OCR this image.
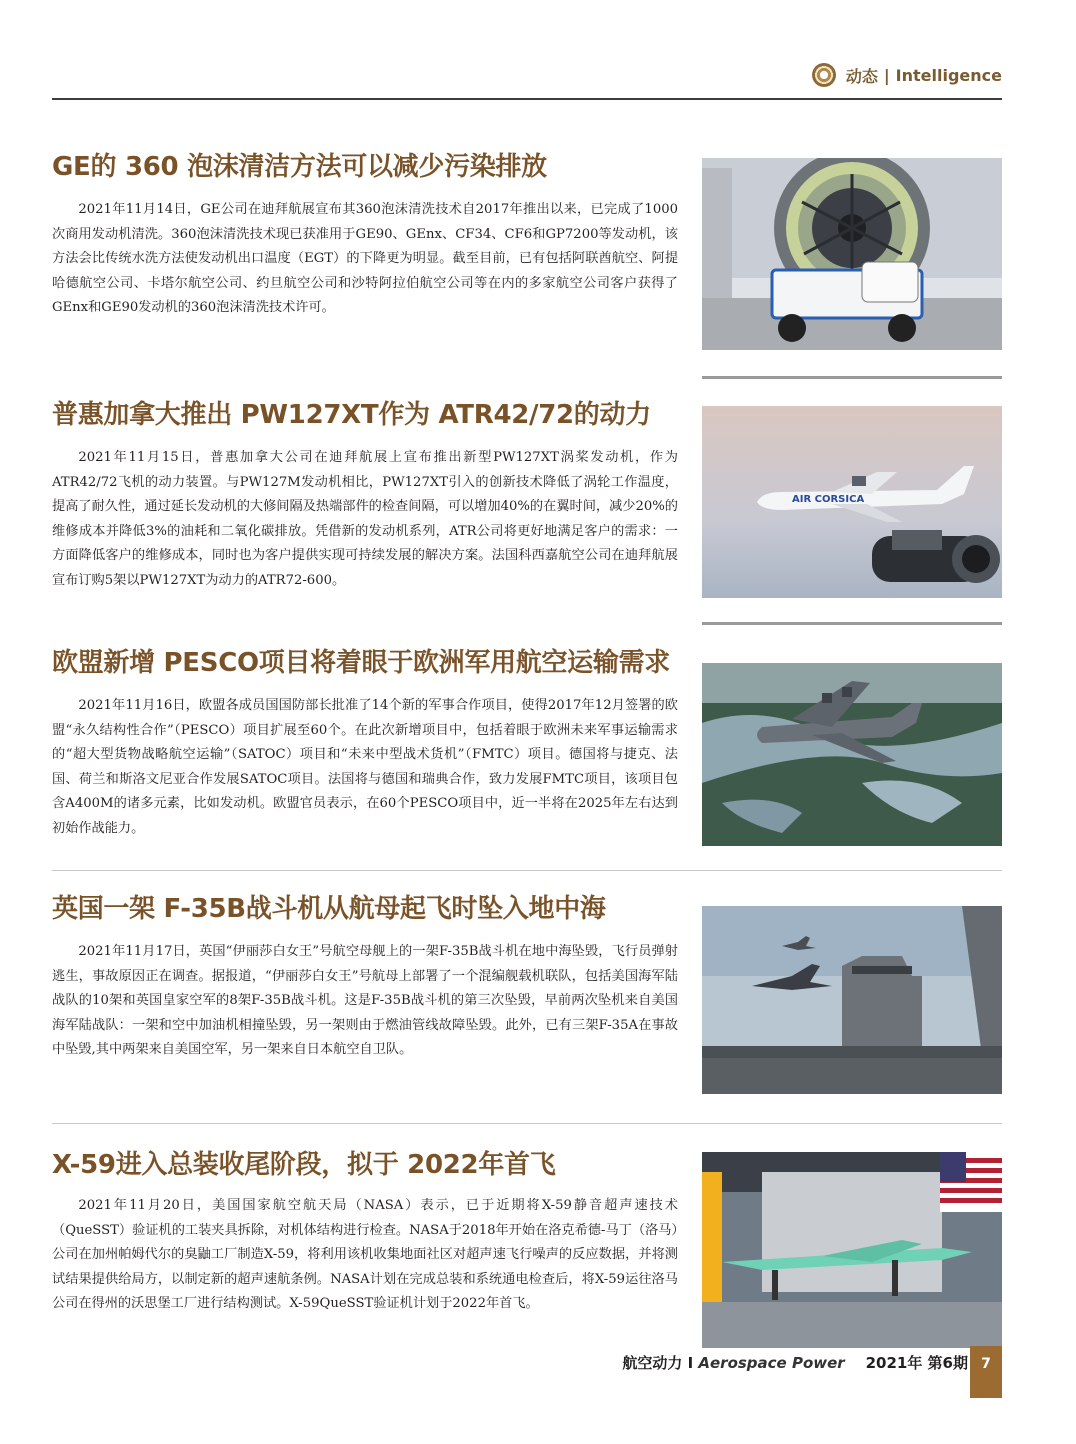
动态 | Intelligence
GE的 360 泡沫清洁方法可以减少污染排放

2021年11月14日，GE公司在迪拜航展宣布其360泡沫清洗技术自2017年推出以来，已完成了1000次商用发动机清洗。360泡沫清洗技术现已获准用于GE90、GEnx、CF34、CF6和GP7200等发动机，该方法会比传统水洗方法使发动机出口温度（EGT）的下降更为明显。截至目前，已有包括阿联酋航空、阿提哈德航空公司、卡塔尔航空公司、约旦航空公司和沙特阿拉伯航空公司等在内的多家航空公司客户获得了GEnx和GE90发动机的360泡沫清洗技术许可。

普惠加拿大推出 PW127XT作为 ATR42/72的动力

2021年11月15日，普惠加拿大公司在迪拜航展上宣布推出新型PW127XT涡桨发动机，作为ATR42/72飞机的动力装置。与PW127M发动机相比，PW127XT引入的创新技术降低了涡轮工作温度，提高了耐久性，通过延长发动机的大修间隔及热端部件的检查间隔，可以增加40%的在翼时间，减少20%的维修成本并降低3%的油耗和二氧化碳排放。凭借新的发动机系列，ATR公司将更好地满足客户的需求：一方面降低客户的维修成本，同时也为客户提供实现可持续发展的解决方案。法国科西嘉航空公司在迪拜航展宣布订购5架以PW127XT为动力的ATR72-600。

AIR CORSICA
欧盟新增 PESCO项目将着眼于欧洲军用航空运输需求

2021年11月16日，欧盟各成员国国防部长批准了14个新的军事合作项目，使得2017年12月签署的欧盟“永久结构性合作”（PESCO）项目扩展至60个。在此次新增项目中，包括着眼于欧洲未来军事运输需求的“超大型货物战略航空运输”（SATOC）项目和“未来中型战术货机”（FMTC）项目。德国将与捷克、法国、荷兰和斯洛文尼亚合作发展SATOC项目。法国将与德国和瑞典合作，致力发展FMTC项目，该项目包含A400M的诸多元素，比如发动机。欧盟官员表示，在60个PESCO项目中，近一半将在2025年左右达到初始作战能力。

英国一架 F-35B战斗机从航母起飞时坠入地中海

2021年11月17日，英国“伊丽莎白女王”号航空母舰上的一架F-35B战斗机在地中海坠毁，飞行员弹射逃生，事故原因正在调查。据报道，“伊丽莎白女王”号航母上部署了一个混编舰载机联队，包括美国海军陆战队的10架和英国皇家空军的8架F-35B战斗机。这是F-35B战斗机的第三次坠毁，早前两次坠机来自美国海军陆战队：一架和空中加油机相撞坠毁，另一架则由于燃油管线故障坠毁。此外，已有三架F-35A在事故中坠毁,其中两架来自美国空军，另一架来自日本航空自卫队。

X-59进入总装收尾阶段，拟于 2022年首飞

2021年11月20日，美国国家航空航天局（NASA）表示，已于近期将X-59静音超声速技术（QueSST）验证机的工装夹具拆除，对机体结构进行检查。NASA于2018年开始在洛克希德-马丁（洛马）公司在加州帕姆代尔的臭鼬工厂制造X-59，将利用该机收集地面社区对超声速飞行噪声的反应数据，并将测试结果提供给局方，以制定新的超声速航条例。NASA计划在完成总装和系统通电检查后，将X-59运往洛马公司在得州的沃思堡工厂进行结构测试。X-59QueSST验证机计划于2022年首飞。

航空动力 I Aerospace Power 2021年 第6期 7
